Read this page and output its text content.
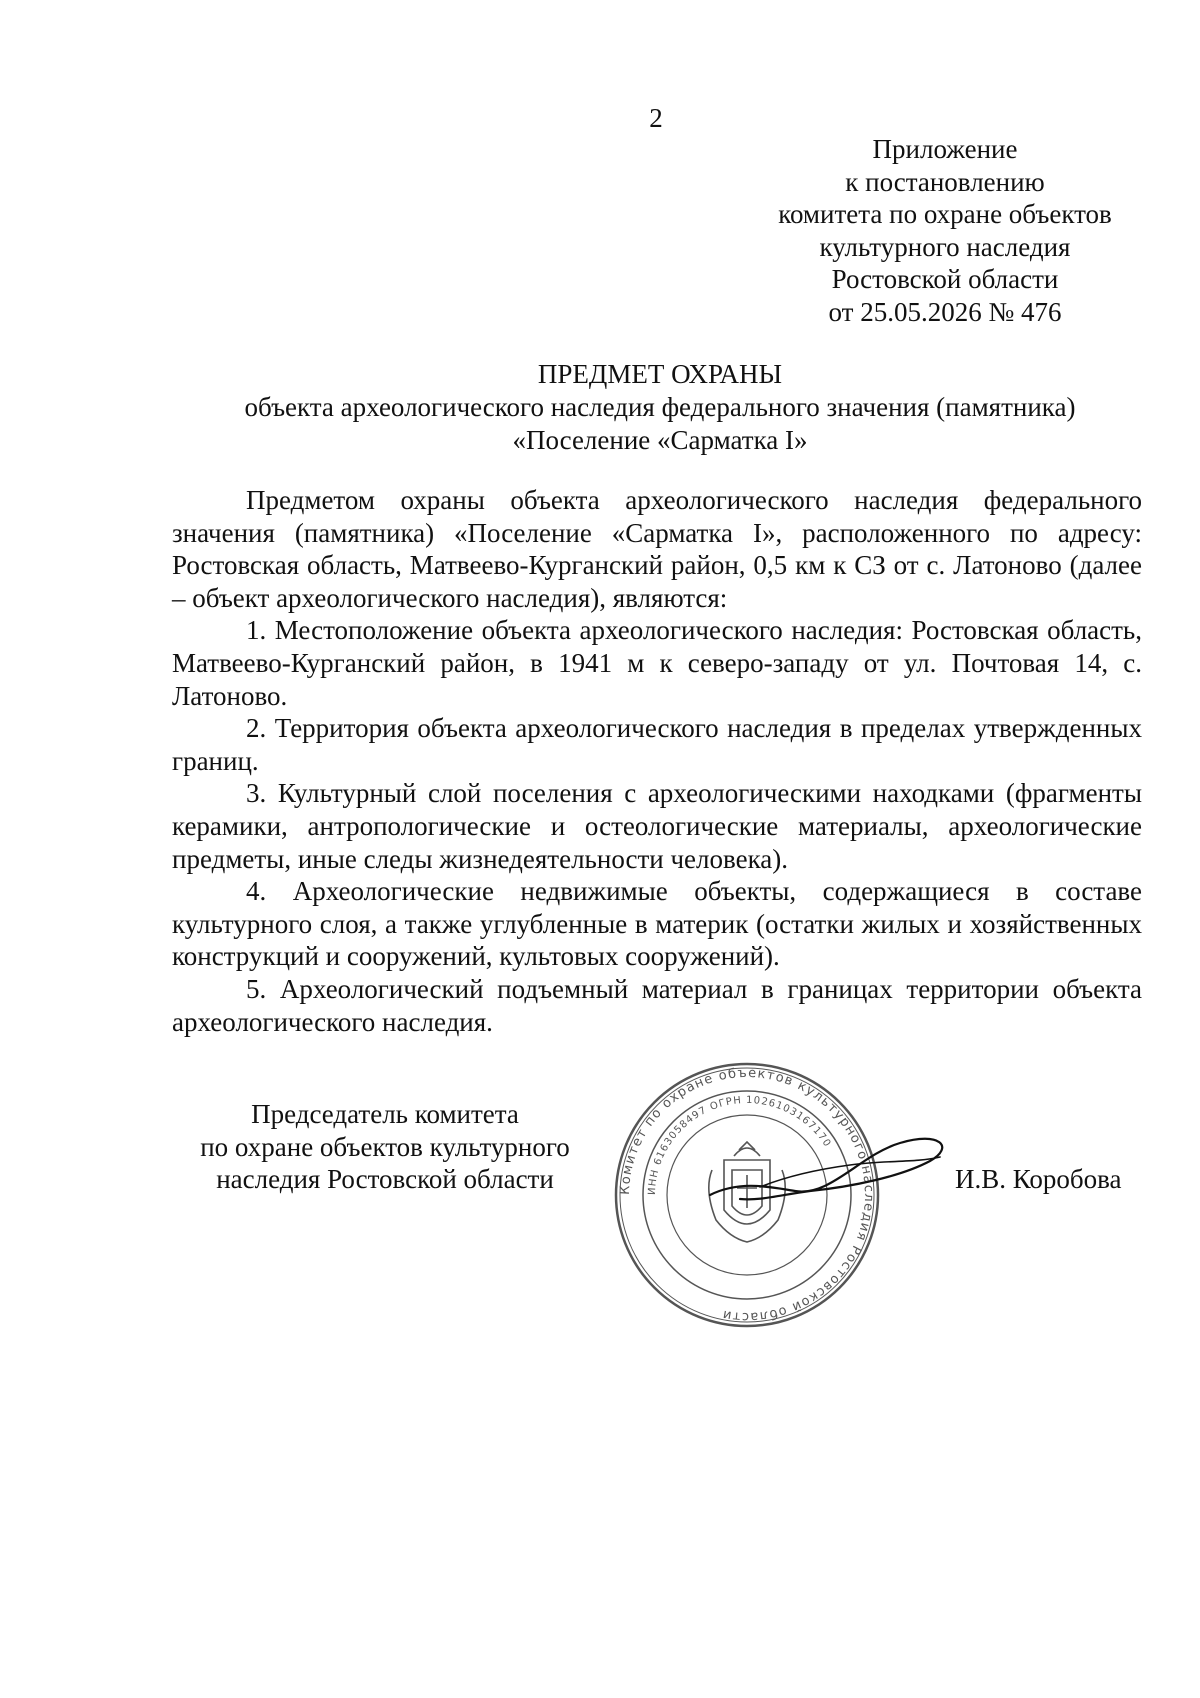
2
Приложение
к постановлению
комитета по охране объектов
культурного наследия
Ростовской области
от 25.05.2026 № 476
ПРЕДМЕТ ОХРАНЫ
объекта археологического наследия федерального значения (памятника)
«Поселение «Сарматка I»

Предметом охраны объекта археологического наследия федерального значения (памятника) «Поселение «Сарматка I», расположенного по адресу: Ростовская область, Матвеево-Курганский район, 0,5 км к СЗ от с. Латоново (далее – объект археологического наследия), являются:

1. Местоположение объекта археологического наследия: Ростовская область, Матвеево-Курганский район, в 1941 м к северо-западу от ул. Почтовая 14, с. Латоново.

2. Территория объекта археологического наследия в пределах утвержденных границ.

3. Культурный слой поселения с археологическими находками (фрагменты керамики, антропологические и остеологические материалы, археологические предметы, иные следы жизнедеятельности человека).

4. Археологические недвижимые объекты, содержащиеся в составе культурного слоя, а также углубленные в материк (остатки жилых и хозяйственных конструкций и сооружений, культовых сооружений).

5. Археологический подъемный материал в границах территории объекта археологического наследия.

Председатель комитета
по охране объектов культурного
наследия Ростовской области	Комитет по охране объектов культурного наследия Ростовской области
ИНН 6163058497 ОГРН 1026103167170
И.В. Коробова
